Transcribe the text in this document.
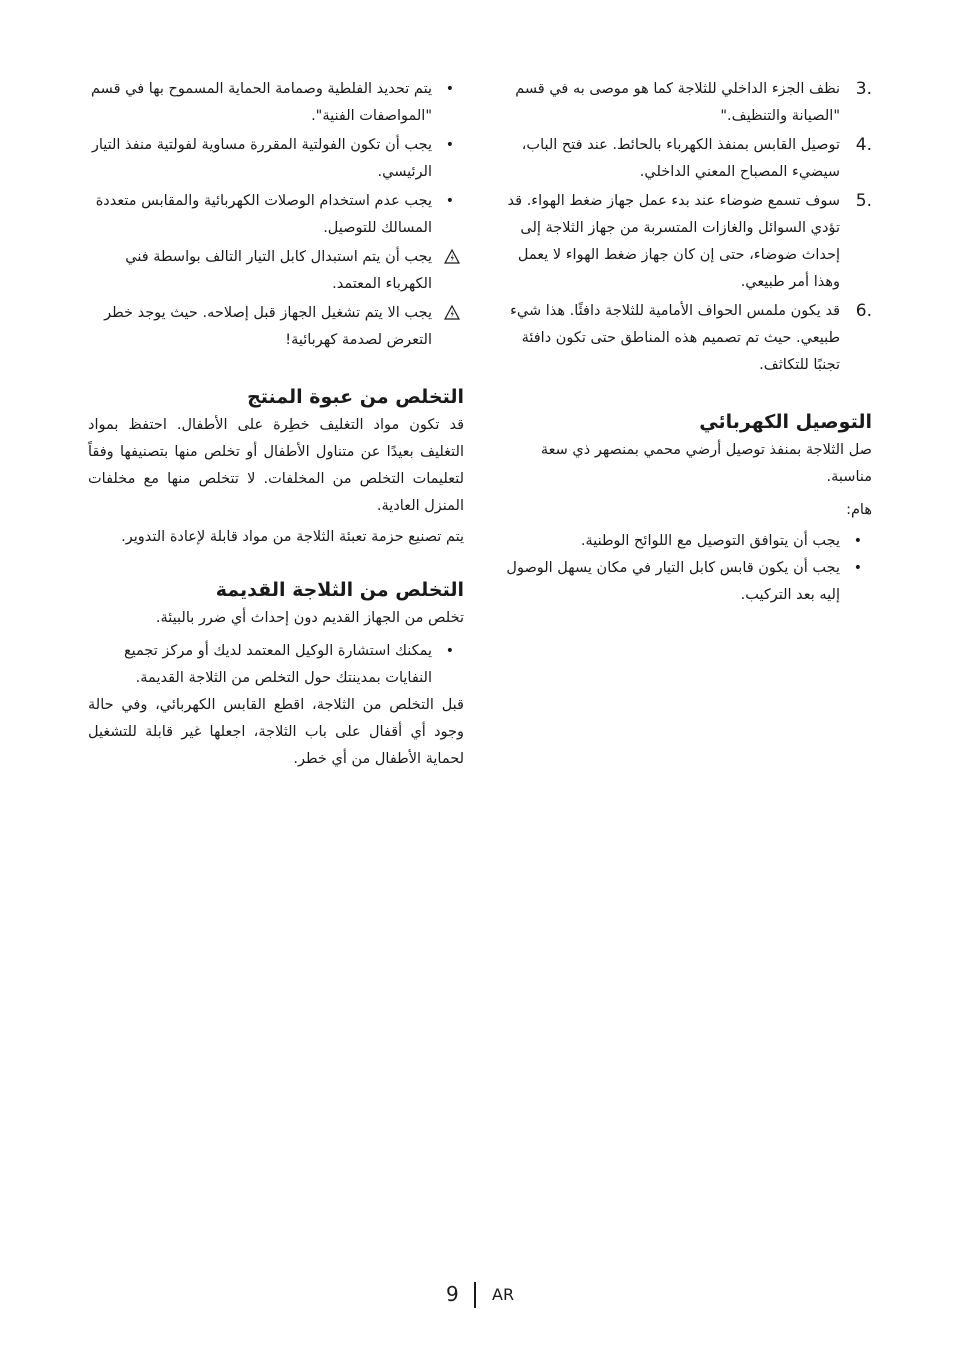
3.

نظف الجزء الداخلي للثلاجة كما هو موصى به في قسم "الصيانة والتنظيف."

4.

توصيل القابس بمنفذ الكهرباء بالحائط. عند فتح الباب، سيضيء المصباح المعني الداخلي.

5.

سوف تسمع ضوضاء عند بدء عمل جهاز ضغط الهواء. قد تؤدي السوائل والغازات المتسربة من جهاز الثلاجة إلى إحداث ضوضاء، حتى إن كان جهاز ضغط الهواء لا يعمل وهذا أمر طبيعي.

6.

قد يكون ملمس الحواف الأمامية للثلاجة دافئًا. هذا شيء طبيعي. حيث تم تصميم هذه المناطق حتى تكون دافئة تجنبًا للتكاثف.

التوصيل الكهربائي

صل الثلاجة بمنفذ توصيل أرضي محمي بمنصهر ذي سعة مناسبة.

هام:

•

يجب أن يتوافق التوصيل مع اللوائح الوطنية.

•

يجب أن يكون قابس كابل التيار في مكان يسهل الوصول إليه بعد التركيب.

•

يتم تحديد الفلطية وصمامة الحماية المسموح بها في قسم "المواصفات الفنية".

•

يجب أن تكون الفولتية المقررة مساوية لفولتية منفذ التيار الرئيسي.

•

يجب عدم استخدام الوصلات الكهربائية والمقابس متعددة المسالك للتوصيل.

يجب أن يتم استبدال كابل التيار التالف بواسطة فني الكهرباء المعتمد.

يجب الا يتم تشغيل الجهاز قبل إصلاحه. حيث يوجد خطر التعرض لصدمة كهربائية!

التخلص من عبوة المنتج

قد تكون مواد التغليف خطِرة على الأطفال. احتفظ بمواد التغليف بعيدًا عن متناول الأطفال أو تخلص منها بتصنيفها وفقاً لتعليمات التخلص من المخلفات. لا تتخلص منها مع مخلفات المنزل العادية.

يتم تصنيع حزمة تعبئة الثلاجة من مواد قابلة لإعادة التدوير.

التخلص من الثلاجة القديمة

تخلص من الجهاز القديم دون إحداث أي ضرر بالبيئة.

•

يمكنك استشارة الوكيل المعتمد لديك أو مركز تجميع النفايات بمدينتك حول التخلص من الثلاجة القديمة.

قبل التخلص من الثلاجة، اقطع القابس الكهربائي، وفي حالة وجود أي أقفال على باب الثلاجة، اجعلها غير قابلة للتشغيل لحماية الأطفال من أي خطر.

9 AR
